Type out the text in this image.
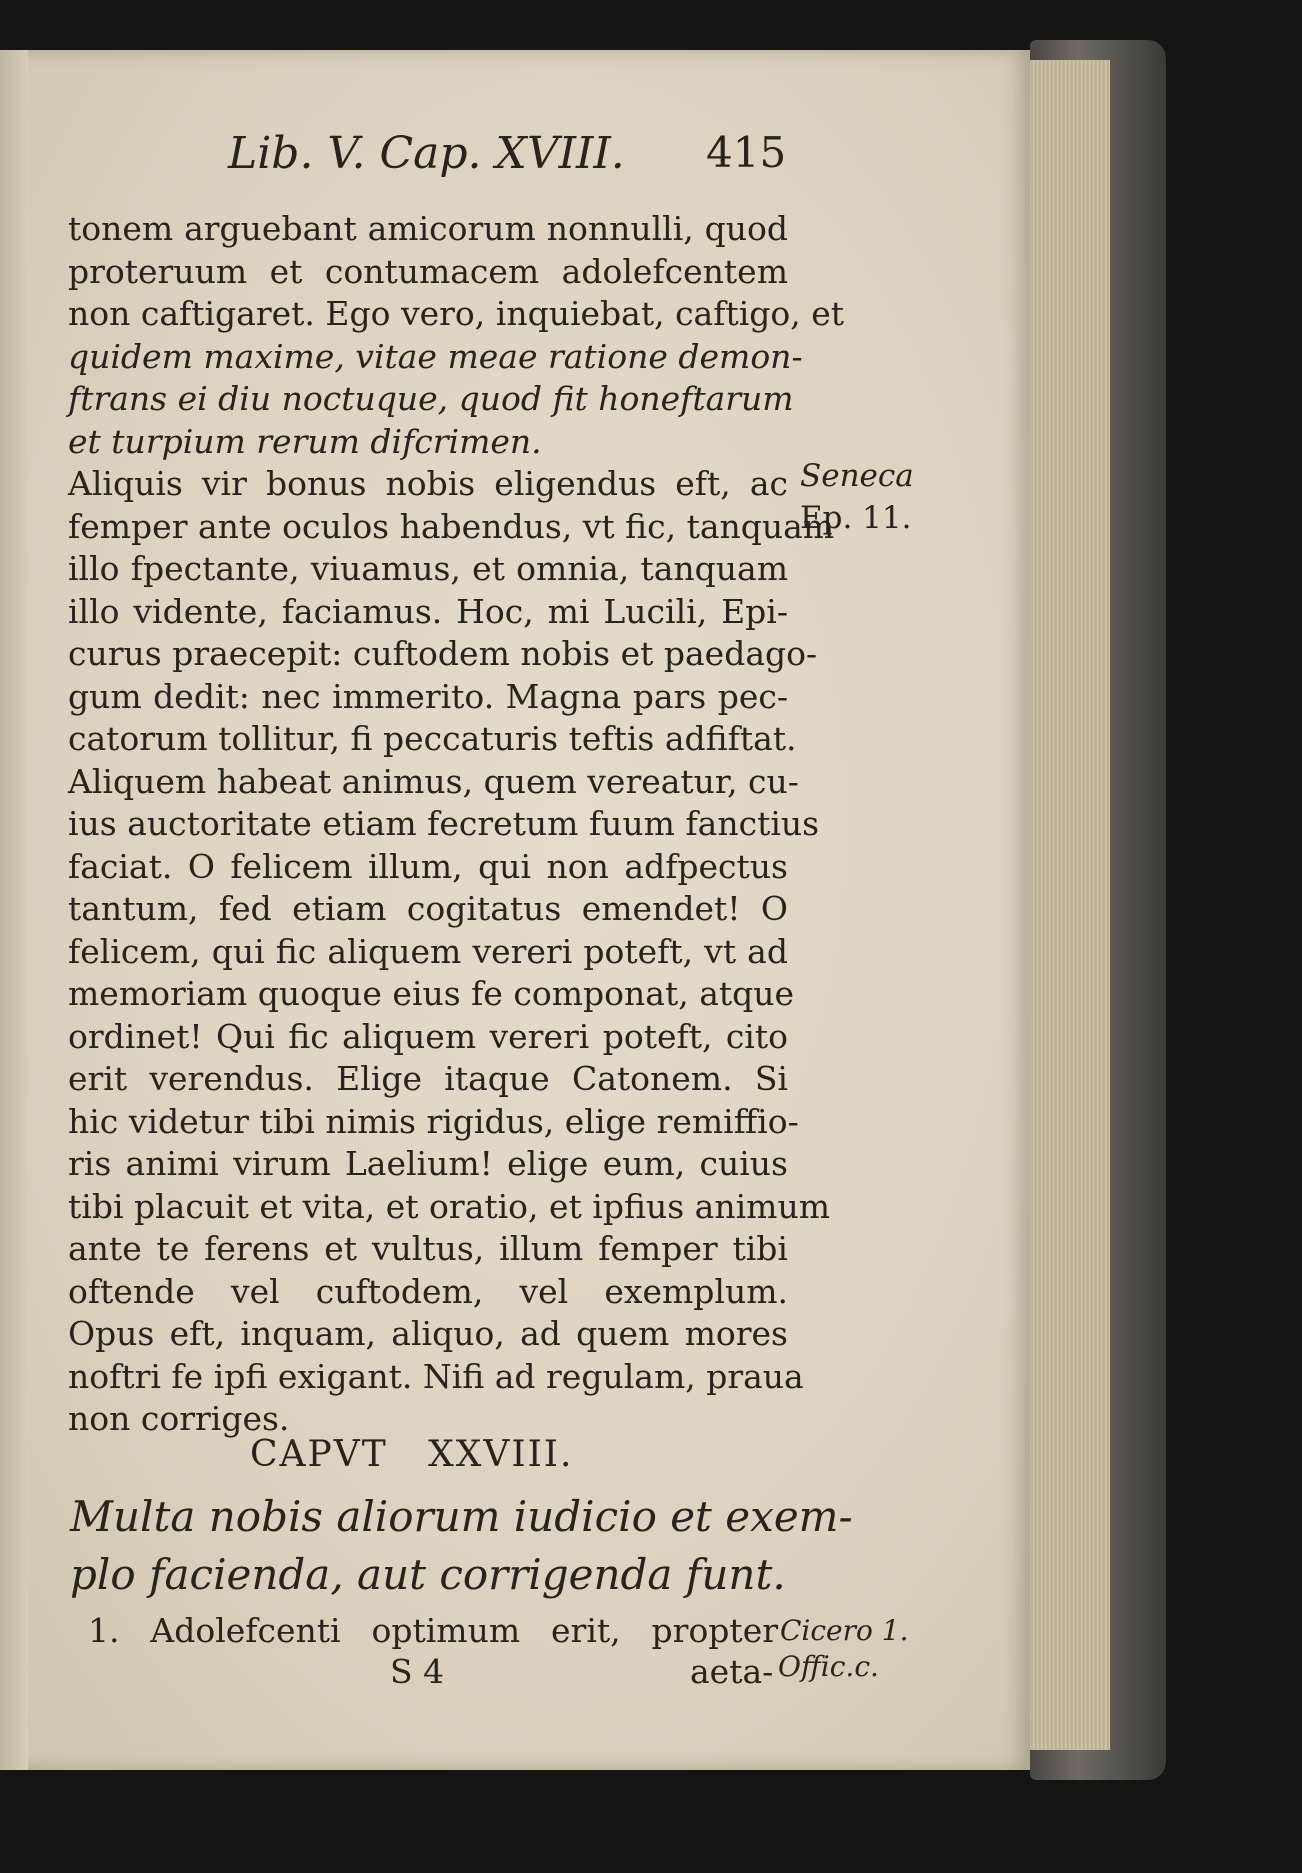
Lib. V. Cap. XVIII. 415
tonem arguebant amicorum nonnulli, quod
proteruum et contumacem adolefcentem
non caftigaret. Ego vero, inquiebat, caftigo, et
quidem maxime, vitae meae ratione demon-
ftrans ei diu noctuque, quod fit honeftarum
et turpium rerum difcrimen.
Aliquis vir bonus nobis eligendus eft, ac
femper ante oculos habendus, vt fic, tanquam
illo fpectante, viuamus, et omnia, tanquam
illo vidente, faciamus. Hoc, mi Lucili, Epi-
curus praecepit: cuftodem nobis et paedago-
gum dedit: nec immerito. Magna pars pec-
catorum tollitur, fi peccaturis teftis adfiftat.
Aliquem habeat animus, quem vereatur, cu-
ius auctoritate etiam fecretum fuum fanctius
faciat. O felicem illum, qui non adfpectus
tantum, fed etiam cogitatus emendet! O
felicem, qui fic aliquem vereri poteft, vt ad
memoriam quoque eius fe componat, atque
ordinet! Qui fic aliquem vereri poteft, cito
erit verendus. Elige itaque Catonem. Si
hic videtur tibi nimis rigidus, elige remiffio-
ris animi virum Laelium! elige eum, cuius
tibi placuit et vita, et oratio, et ipfius animum
ante te ferens et vultus, illum femper tibi
oftende vel cuftodem, vel exemplum.
Opus eft, inquam, aliquo, ad quem mores
noftri fe ipfi exigant. Nifi ad regulam, praua
non corriges.
Seneca
Ep. 11.
CAPVT   XXVIII.
Multa nobis aliorum iudicio et exem-
plo facienda, aut corrigenda funt.
1. Adolefcenti optimum erit, propter Cicero 1.
Offic.c.
S 4	aeta-
